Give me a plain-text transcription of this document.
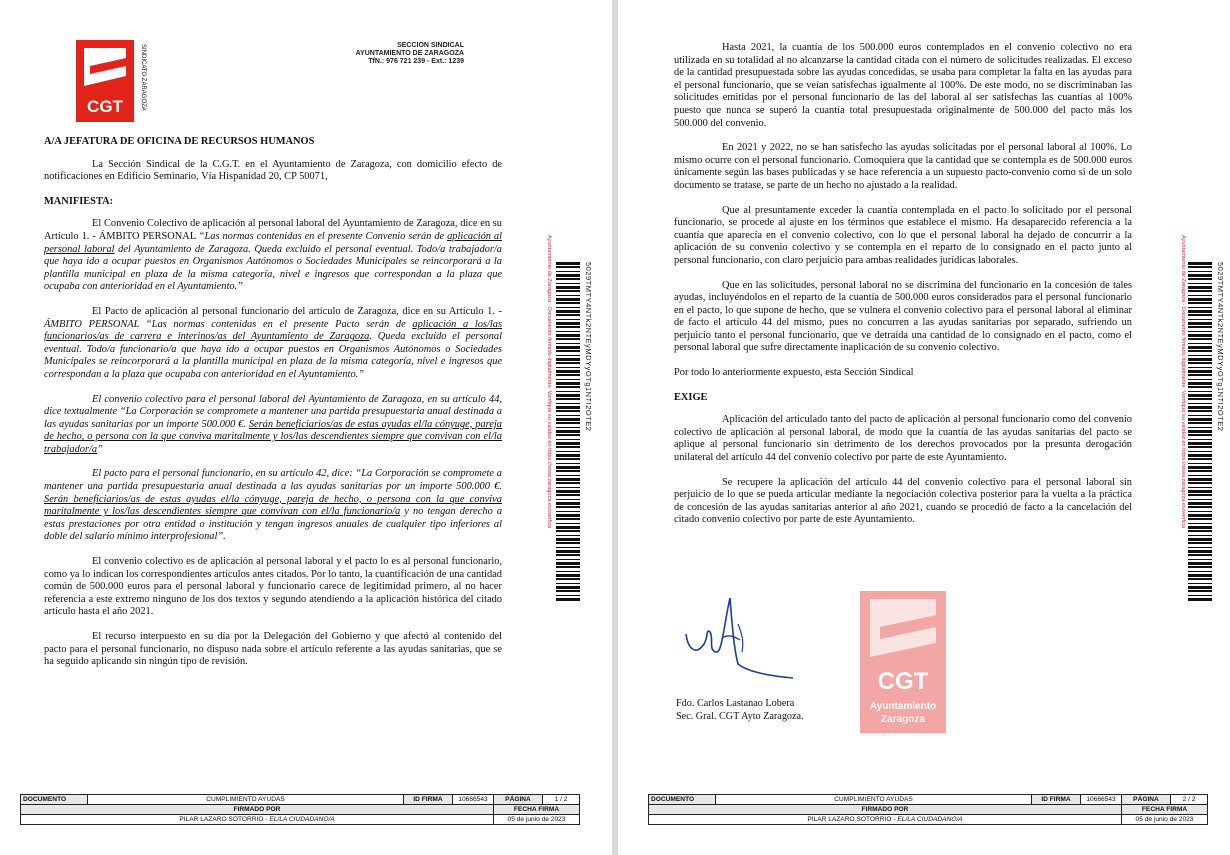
CGT	SINDICATO ZARAGOZA	SECCION SINDICAL
AYUNTAMIENTO DE ZARAGOZA
TfN.: 976 721 239 - Ext.: 1239

A/A JEFATURA DE OFICINA DE RECURSOS HUMANOS

La Sección Sindical de la C.G.T. en el Ayuntamiento de Zaragoza, con domicilio efecto de notificaciones en Edificio Seminario, Vía Hispanidad 20, CP 50071,

MANIFIESTA:

El Convenio Colectivo de aplicación al personal laboral del Ayuntamiento de Zaragoza, dice en su Artículo 1. - ÁMBITO PERSONAL “Las normas contenidas en el presente Convenio serán de aplicación al personal laboral del Ayuntamiento de Zaragoza. Queda excluido el personal eventual. Todo/a trabajador/a que haya ido a ocupar puestos en Organismos Autónomos o Sociedades Municipales se reincorporará a la plantilla municipal en plaza de la misma categoría, nivel e ingresos que correspondan a la plaza que ocupaba con anterioridad en el Ayuntamiento.”

El Pacto de aplicación al personal funcionario del artículo de Zaragoza, dice en su Artículo 1. - ÁMBITO PERSONAL “Las normas contenidas en el presente Pacto serán de aplicación a los/las funcionarios/as de carrera e interinos/as del Ayuntamiento de Zaragoza. Queda excluido el personal eventual. Todo/a funcionario/a que haya ido a ocupar puestos en Organismos Autónomos o Sociedades Municipales se reincorporará a la plantilla municipal en plaza de la misma categoría, nivel e ingresos que correspondan a la plaza que ocupaba con anterioridad en el Ayuntamiento.”

El convenio colectivo para el personal laboral del Ayuntamiento de Zaragoza, en su artículo 44, dice textualmente “La Corporación se compromete a mantener una partida presupuestaria anual destinada a las ayudas sanitarias por un importe 500.000 €. Serán beneficiarios/as de estas ayudas el/la cónyuge, pareja de hecho, o persona con la que conviva maritalmente y los/las descendientes siempre que convivan con el/la trabajador/a”

El pacto para el personal funcionario, en su artículo 42, dice: “La Corporación se compromete a mantener una partida presupuestaria anual destinada a las ayudas sanitarias por un importe 500.000 €. Serán beneficiarios/as de estas ayudas el/la cónyuge, pareja de hecho, o persona con la que conviva maritalmente y los/las descendientes siempre que convivan con el/la funcionario/a y no tengan derecho a estas prestaciones por otra entidad o institución y tengan ingresos anuales de cualquier tipo inferiores al doble del salario mínimo interprofesional”.

El convenio colectivo es de aplicación al personal laboral y el pacto lo es al personal funcionario, como ya lo indican los correspondientes artículos antes citados. Por lo tanto, la cuantificación de una cantidad común de 500.000 euros para el personal laboral y funcionario carece de legitimidad primero, al no hacer referencia a este extremo ninguno de los dos textos y segundo atendiendo a la aplicación histórica del citado artículo hasta el año 2021.

El recurso interpuesto en su día por la Delegación del Gobierno y que afectó al contenido del pacto para el personal funcionario, no dispuso nada sobre el artículo referente a las ayudas sanitarias, que se ha seguido aplicando sin ningún tipo de revisión.

Ayuntamiento de Zaragoza - Documento firmado digitalmente. Verifique su validez en https://www.zaragoza.es/verifica	5029TMTY4NTk2NTEyMDYyOTg1NTI2OTE2
DOCUMENTO	CUMPLIMIENTO AYUDAS	ID FIRMA	10666543	PÁGINA	1 / 2
FIRMADO POR				FECHA FIRMA	
PILAR LAZARO SOTORRIO - EL/LA CIUDADANO/A				05 de junio de 2023	

Hasta 2021, la cuantía de los 500.000 euros contemplados en el convenio colectivo no era utilizada en su totalidad al no alcanzarse la cantidad citada con el número de solicitudes realizadas. El exceso de la cantidad presupuestada sobre las ayudas concedidas, se usaba para completar la falta en las ayudas para el personal funcionario, que se veían satisfechas igualmente al 100%. De este modo, no se discriminaban las solicitudes emitidas por el personal funcionario de las del laboral al ser satisfechas las cuantías al 100% puesto que nunca se superó la cuantía total presupuestada originalmente de 500.000 del pacto más los 500.000 del convenio.

En 2021 y 2022, no se han satisfecho las ayudas solicitadas por el personal laboral al 100%. Lo mismo ocurre con el personal funcionario. Comoquiera que la cantidad que se contempla es de 500.000 euros únicamente según las bases publicadas y se hace referencia a un supuesto pacto-convenio como si de un solo documento se tratase, se parte de un hecho no ajustado a la realidad.

Que al presuntamente exceder la cuantía contemplada en el pacto lo solicitado por el personal funcionario, se procede al ajuste en los términos que establece el mismo. Ha desaparecido referencia a la cuantía que aparecía en el convenio colectivo, con lo que el personal laboral ha dejado de concurrir a la aplicación de su convenio colectivo y se contempla en el reparto de lo consignado en el pacto junto al personal funcionario, con claro perjuicio para ambas realidades jurídicas laborales.

Que en las solicitudes, personal laboral no se discrimina del funcionario en la concesión de tales ayudas, incluyéndolos en el reparto de la cuantía de 500.000 euros considerados para el personal funcionario en el pacto, lo que supone de hecho, que se vulnera el convenio colectivo para el personal laboral al eliminar de facto el artículo 44 del mismo, pues no concurren a las ayudas sanitarias por separado, sufriendo un perjuicio tanto el personal funcionario, que ve detraída una cantidad de lo consignado en el pacto, como el personal laboral que sufre directamente inaplicación de su convenio colectivo.

Por todo lo anteriormente expuesto, esta Sección Sindical

EXIGE

Aplicación del articulado tanto del pacto de aplicación al personal funcionario como del convenio colectivo de aplicación al personal laboral, de modo que la cuantía de las ayudas sanitarias del pacto se aplique al personal funcionario sin detrimento de los derechos provocados por la presunta derogación unilateral del artículo 44 del convenio colectivo por parte de este Ayuntamiento.

Se recupere la aplicación del artículo 44 del convenio colectivo para el personal laboral sin perjuicio de lo que se pueda articular mediante la negociación colectiva posterior para la vuelta a la práctica de concesión de las ayudas sanitarias anterior al año 2021, cuando se procedió de facto a la cancelación del citado convenio colectivo por parte de este Ayuntamiento.

Fdo. Carlos Lastanao Lobera
Sec. Gral. CGT Ayto Zaragoza.
CGT
Ayuntamiento
Zaragoza
Ayuntamiento de Zaragoza - Documento firmado digitalmente. Verifique su validez en https://www.zaragoza.es/verifica	5029TMTY4NTk2NTEyMDYyOTg1NTI2OTE2
DOCUMENTO	CUMPLIMIENTO AYUDAS	ID FIRMA	10666543	PÁGINA	2 / 2
FIRMADO POR				FECHA FIRMA	
PILAR LAZARO SOTORRIO - EL/LA CIUDADANO/A				05 de junio de 2023	
